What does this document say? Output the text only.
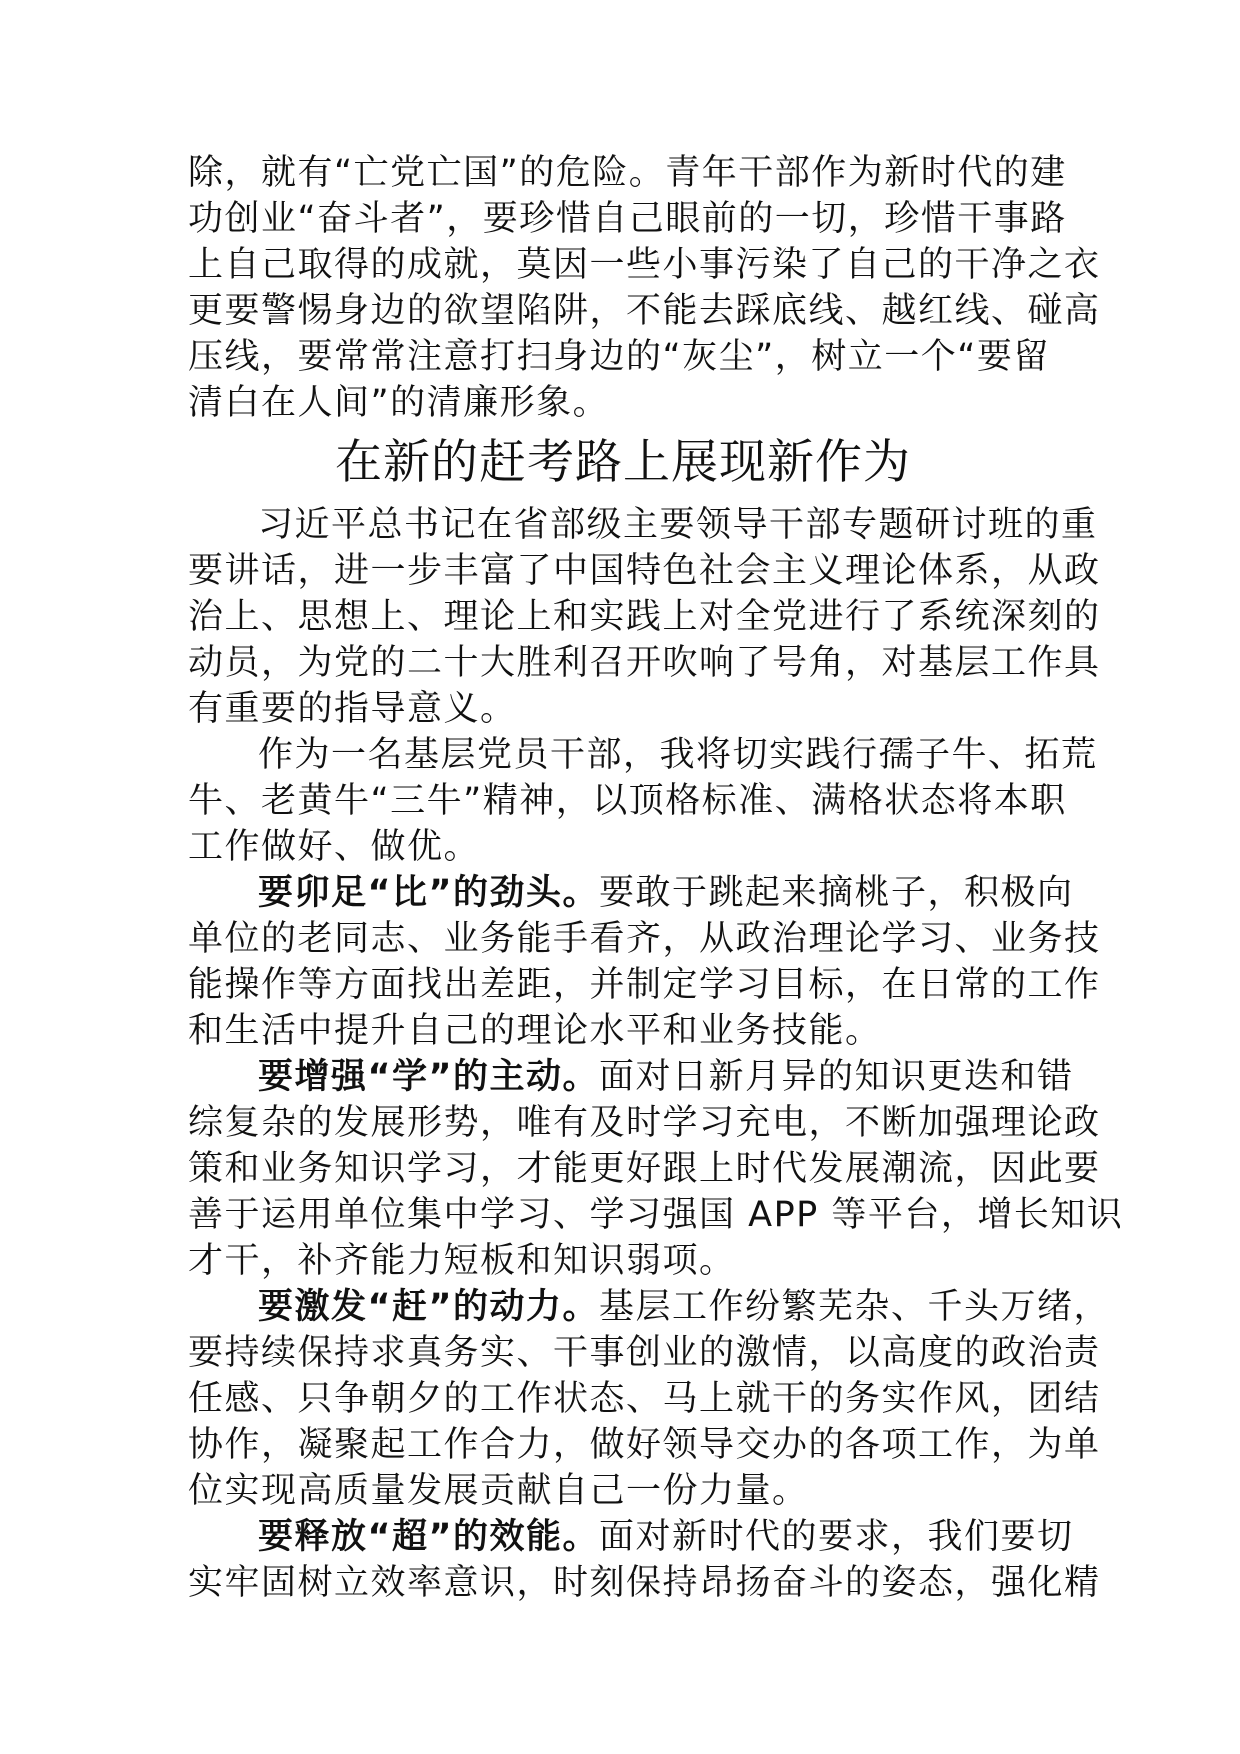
除，就有“亡党亡国”的危险。青年干部作为新时代的建
功创业“奋斗者”，要珍惜自己眼前的一切，珍惜干事路
上自己取得的成就，莫因一些小事污染了自己的干净之衣
更要警惕身边的欲望陷阱，不能去踩底线、越红线、碰高
压线，要常常注意打扫身边的“灰尘”，树立一个“要留
清白在人间”的清廉形象。
在新的赶考路上展现新作为
习近平总书记在省部级主要领导干部专题研讨班的重
要讲话，进一步丰富了中国特色社会主义理论体系，从政
治上、思想上、理论上和实践上对全党进行了系统深刻的
动员，为党的二十大胜利召开吹响了号角，对基层工作具
有重要的指导意义。
作为一名基层党员干部，我将切实践行孺子牛、拓荒
牛、老黄牛“三牛”精神，以顶格标准、满格状态将本职
工作做好、做优。
要卯足“比”的劲头。要敢于跳起来摘桃子，积极向
单位的老同志、业务能手看齐，从政治理论学习、业务技
能操作等方面找出差距，并制定学习目标，在日常的工作
和生活中提升自己的理论水平和业务技能。
要增强“学”的主动。面对日新月异的知识更迭和错
综复杂的发展形势，唯有及时学习充电，不断加强理论政
策和业务知识学习，才能更好跟上时代发展潮流，因此要
善于运用单位集中学习、学习强国 APP 等平台，增长知识
才干，补齐能力短板和知识弱项。
要激发“赶”的动力。基层工作纷繁芜杂、千头万绪，
要持续保持求真务实、干事创业的激情，以高度的政治责
任感、只争朝夕的工作状态、马上就干的务实作风，团结
协作，凝聚起工作合力，做好领导交办的各项工作，为单
位实现高质量发展贡献自己一份力量。
要释放“超”的效能。面对新时代的要求，我们要切
实牢固树立效率意识，时刻保持昂扬奋斗的姿态，强化精
